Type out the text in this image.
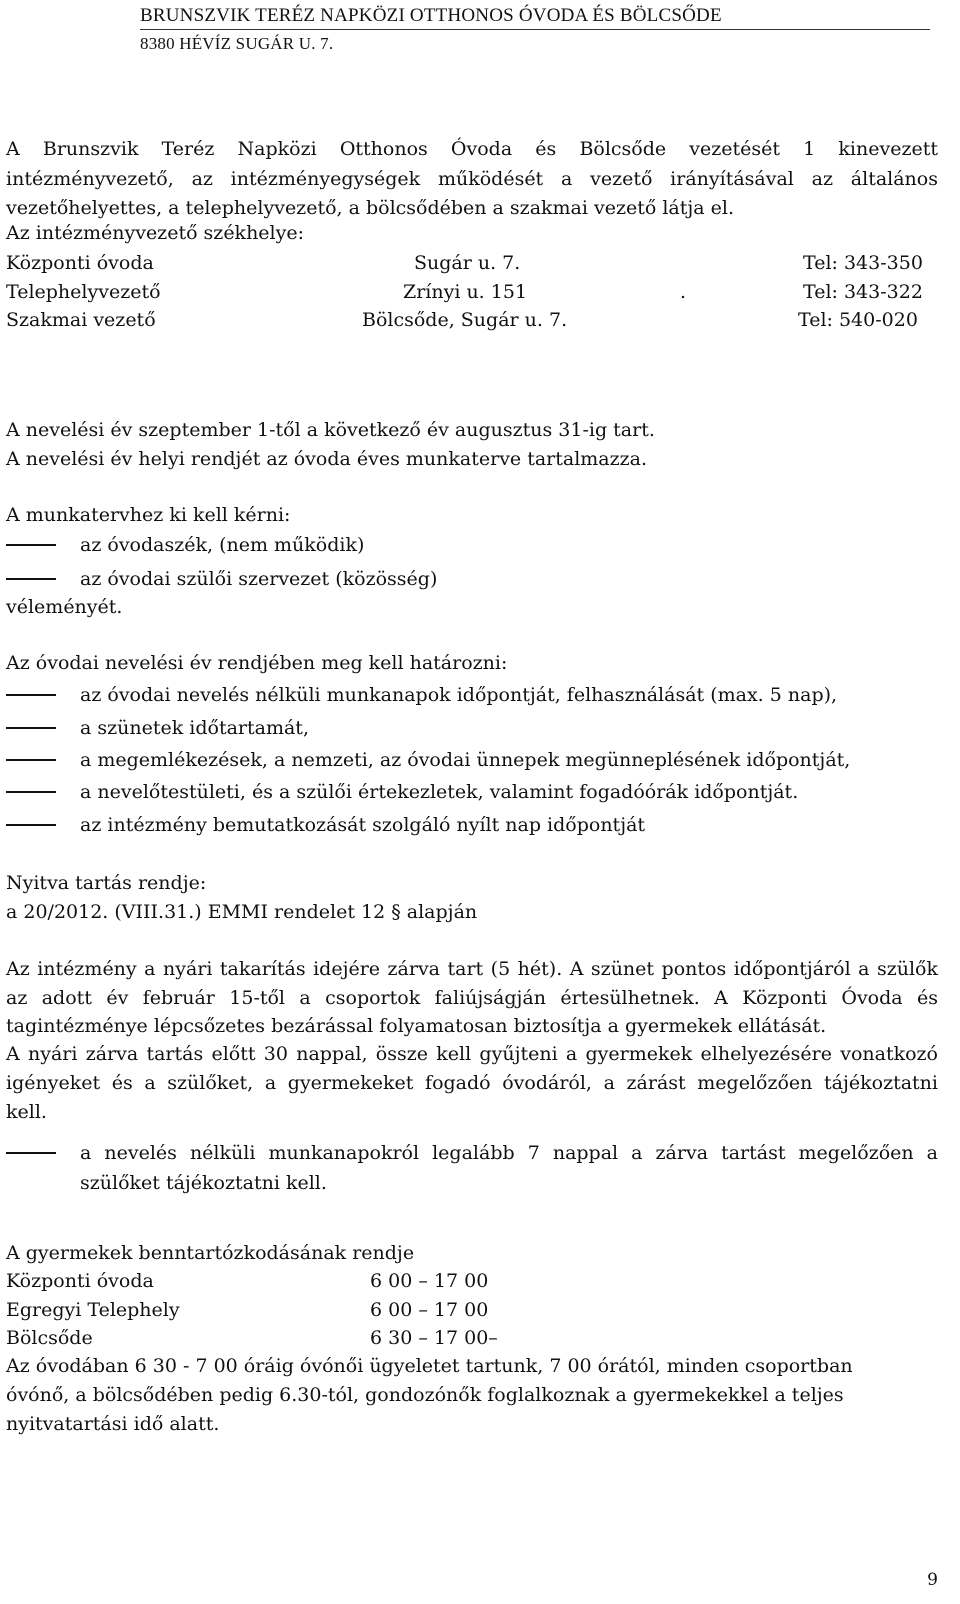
BRUNSZVIK TERÉZ NAPKÖZI OTTHONOS ÓVODA ÉS BÖLCSŐDE
8380 HÉVÍZ SUGÁR U. 7.
A Brunszvik Teréz Napközi Otthonos Óvoda és Bölcsőde vezetését 1 kinevezett
intézményvezető, az intézményegységek működését a vezető irányításával az általános
vezetőhelyettes, a telephelyvezető, a bölcsődében a szakmai vezető látja el.
Az intézményvezető székhelye:
Központi óvoda	Sugár u. 7.	Tel: 343-350
Telephelyvezető	Zrínyi u. 151	.	Tel: 343-322
Szakmai vezető	Bölcsőde, Sugár u. 7.	Tel: 540-020
A nevelési év szeptember 1-től a következő év augusztus 31-ig tart.
A nevelési év helyi rendjét az óvoda éves munkaterve tartalmazza.
A munkatervhez ki kell kérni:
az óvodaszék, (nem működik)
az óvodai szülői szervezet (közösség)
véleményét.
Az óvodai nevelési év rendjében meg kell határozni:
az óvodai nevelés nélküli munkanapok időpontját, felhasználását (max. 5 nap),
a szünetek időtartamát,
a megemlékezések, a nemzeti, az óvodai ünnepek megünneplésének időpontját,
a nevelőtestületi, és a szülői értekezletek, valamint fogadóórák időpontját.
az intézmény bemutatkozását szolgáló nyílt nap időpontját
Nyitva tartás rendje:
a 20/2012. (VIII.31.) EMMI rendelet 12 § alapján
Az intézmény a nyári takarítás idejére zárva tart (5 hét). A szünet pontos időpontjáról a szülők
az adott év február 15-től a csoportok faliújságján értesülhetnek. A Központi Óvoda és
tagintézménye lépcsőzetes bezárással folyamatosan biztosítja a gyermekek ellátását.
A nyári zárva tartás előtt 30 nappal, össze kell gyűjteni a gyermekek elhelyezésére vonatkozó
igényeket és a szülőket, a gyermekeket fogadó óvodáról, a zárást megelőzően tájékoztatni
kell.
a nevelés nélküli munkanapokról legalább 7 nappal a zárva tartást megelőzően a
szülőket tájékoztatni kell.
A gyermekek benntartózkodásának rendje
Központi óvoda	6 00 – 17 00
Egregyi Telephely	6 00 – 17 00
Bölcsőde	6 30 – 17 00–
Az óvodában 6 30 - 7 00 óráig óvónői ügyeletet tartunk, 7 00 órától, minden csoportban
óvónő, a bölcsődében pedig 6.30-tól, gondozónők foglalkoznak a gyermekekkel a teljes
nyitvatartási idő alatt.
9
